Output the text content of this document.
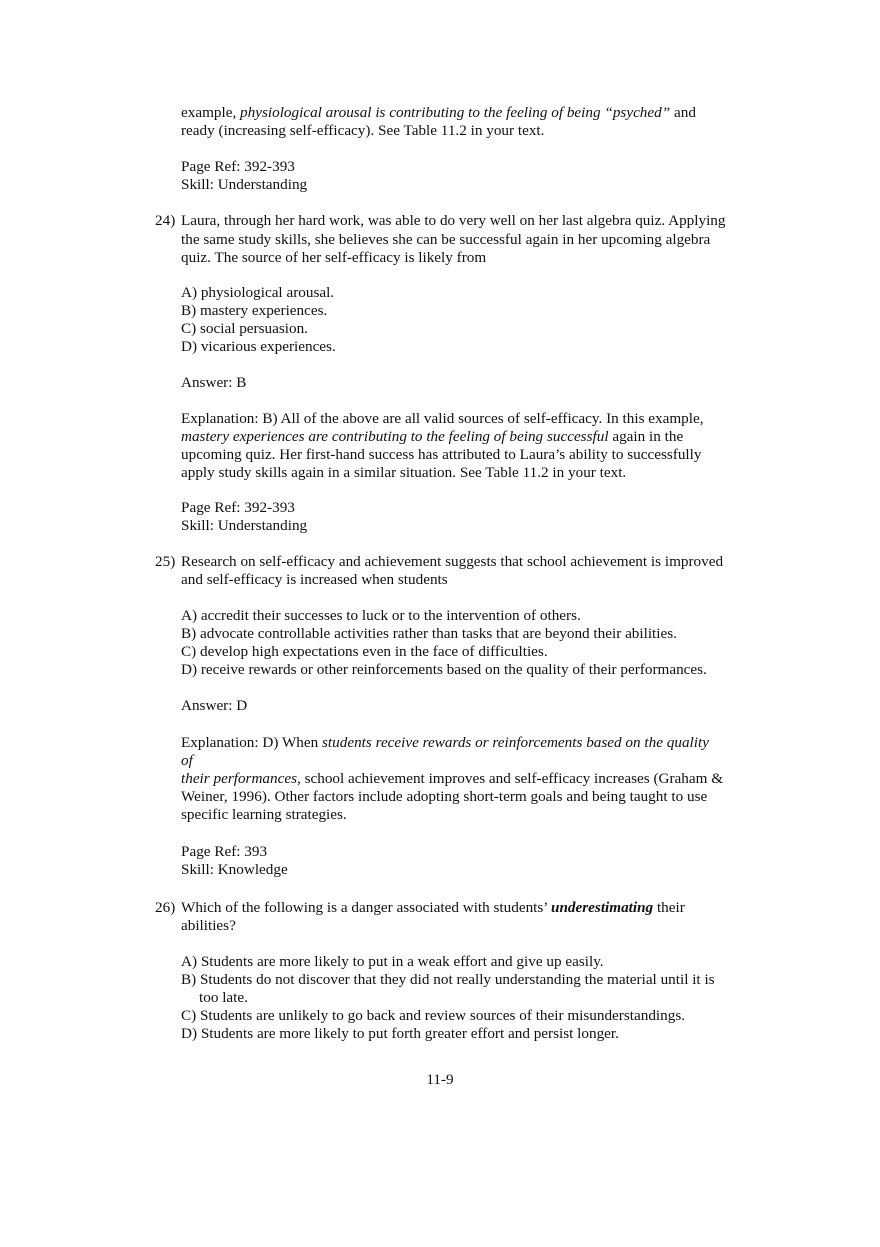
example, physiological arousal is contributing to the feeling of being “psyched” and
ready (increasing self-efficacy). See Table 11.2 in your text.
Page Ref: 392-393
Skill: Understanding
24) Laura, through her hard work, was able to do very well on her last algebra quiz. Applying
the same study skills, she believes she can be successful again in her upcoming algebra
quiz. The source of her self-efficacy is likely from
A) physiological arousal.
B) mastery experiences.
C) social persuasion.
D) vicarious experiences.
Answer: B
Explanation: B) All of the above are all valid sources of self-efficacy. In this example,
mastery experiences are contributing to the feeling of being successful again in the
upcoming quiz. Her first-hand success has attributed to Laura’s ability to successfully
apply study skills again in a similar situation. See Table 11.2 in your text.
Page Ref: 392-393
Skill: Understanding
25) Research on self-efficacy and achievement suggests that school achievement is improved
and self-efficacy is increased when students
A) accredit their successes to luck or to the intervention of others.
B) advocate controllable activities rather than tasks that are beyond their abilities.
C) develop high expectations even in the face of difficulties.
D) receive rewards or other reinforcements based on the quality of their performances.
Answer: D
Explanation: D) When students receive rewards or reinforcements based on the quality
of
their performances, school achievement improves and self-efficacy increases (Graham &
Weiner, 1996). Other factors include adopting short-term goals and being taught to use
specific learning strategies.
Page Ref: 393
Skill: Knowledge
26) Which of the following is a danger associated with students’ underestimating their
abilities?
A) Students are more likely to put in a weak effort and give up easily.
B) Students do not discover that they did not really understanding the material until it is
too late.
C) Students are unlikely to go back and review sources of their misunderstandings.
D) Students are more likely to put forth greater effort and persist longer.
11-9
